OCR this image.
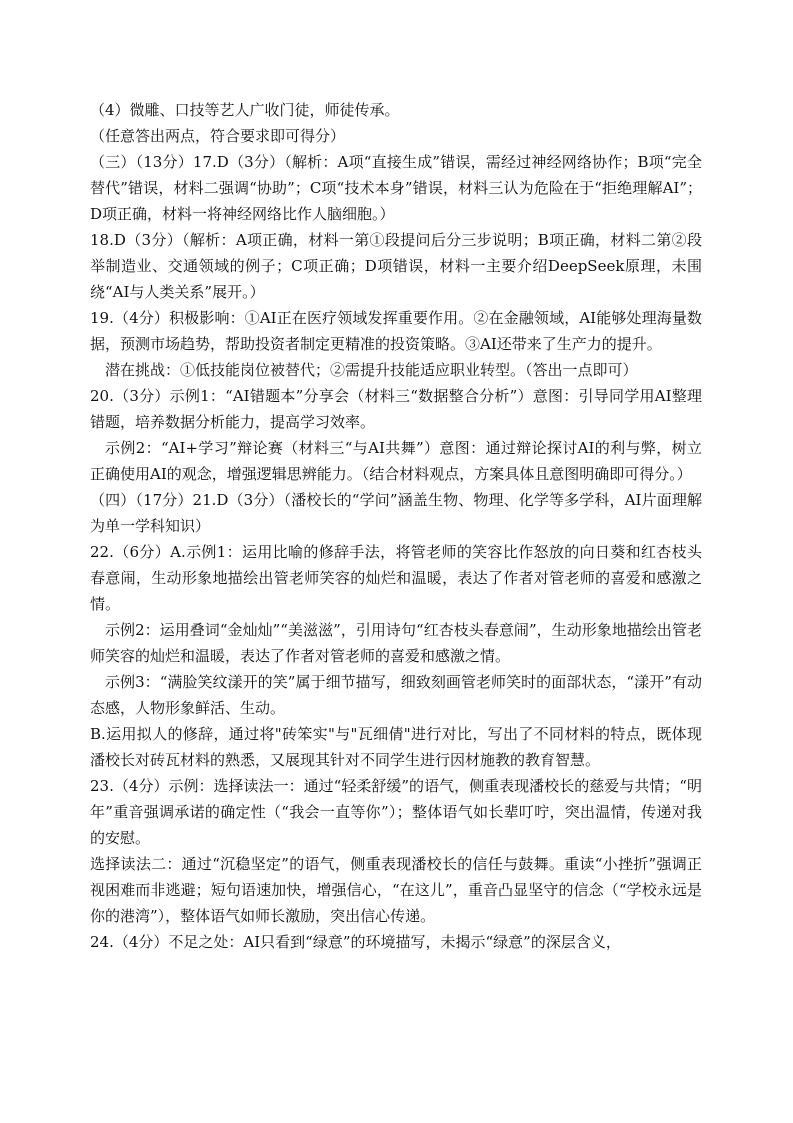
（4）微雕、口技等艺人广收门徒，师徒传承。

（任意答出两点，符合要求即可得分）

（三）（13分）17.D（3分）（解析：A项“直接生成”错误，需经过神经网络协作；B项“完全替代”错误，材料二强调“协助”；C项“技术本身”错误，材料三认为危险在于“拒绝理解AI”；D项正确，材料一将神经网络比作人脑细胞。）

18.D（3分）（解析：A项正确，材料一第①段提问后分三步说明；B项正确，材料二第②段举制造业、交通领域的例子；C项正确；D项错误，材料一主要介绍DeepSeek原理，未围绕“AI与人类关系”展开。）

19.（4分）积极影响：①AI正在医疗领域发挥重要作用。②在金融领域，AI能够处理海量数据，预测市场趋势，帮助投资者制定更精准的投资策略。③AI还带来了生产力的提升。

潜在挑战：①低技能岗位被替代；②需提升技能适应职业转型。（答出一点即可）

20.（3分）示例1：“AI错题本”分享会（材料三“数据整合分析”）意图：引导同学用AI整理错题，培养数据分析能力，提高学习效率。

示例2：“AI+学习”辩论赛（材料三“与AI共舞”）意图：通过辩论探讨AI的利与弊，树立正确使用AI的观念，增强逻辑思辨能力。（结合材料观点，方案具体且意图明确即可得分。）

（四）（17分）21.D（3分）（潘校长的“学问”涵盖生物、物理、化学等多学科，AI片面理解为单一学科知识）

22.（6分）A.示例1：运用比喻的修辞手法，将管老师的笑容比作怒放的向日葵和红杏枝头春意闹，生动形象地描绘出管老师笑容的灿烂和温暖，表达了作者对管老师的喜爱和感激之情。

示例2：运用叠词“金灿灿”“美滋滋”，引用诗句“红杏枝头春意闹”，生动形象地描绘出管老师笑容的灿烂和温暖，表达了作者对管老师的喜爱和感激之情。

示例3：“满脸笑纹漾开的笑”属于细节描写，细致刻画管老师笑时的面部状态，“漾开”有动态感，人物形象鲜活、生动。

B.运用拟人的修辞，通过将"砖笨实"与"瓦细倩"进行对比，写出了不同材料的特点，既体现潘校长对砖瓦材料的熟悉，又展现其针对不同学生进行因材施教的教育智慧。

23.（4分）示例：选择读法一：通过“轻柔舒缓”的语气，侧重表现潘校长的慈爱与共情；“明年”重音强调承诺的确定性（“我会一直等你”）；整体语气如长辈叮咛，突出温情，传递对我的安慰。

选择读法二：通过“沉稳坚定”的语气，侧重表现潘校长的信任与鼓舞。重读“小挫折”强调正视困难而非逃避；短句语速加快，增强信心，“在这儿”，重音凸显坚守的信念（“学校永远是你的港湾”），整体语气如师长激励，突出信心传递。

24.（4分）不足之处：AI只看到“绿意”的环境描写，未揭示“绿意”的深层含义，
